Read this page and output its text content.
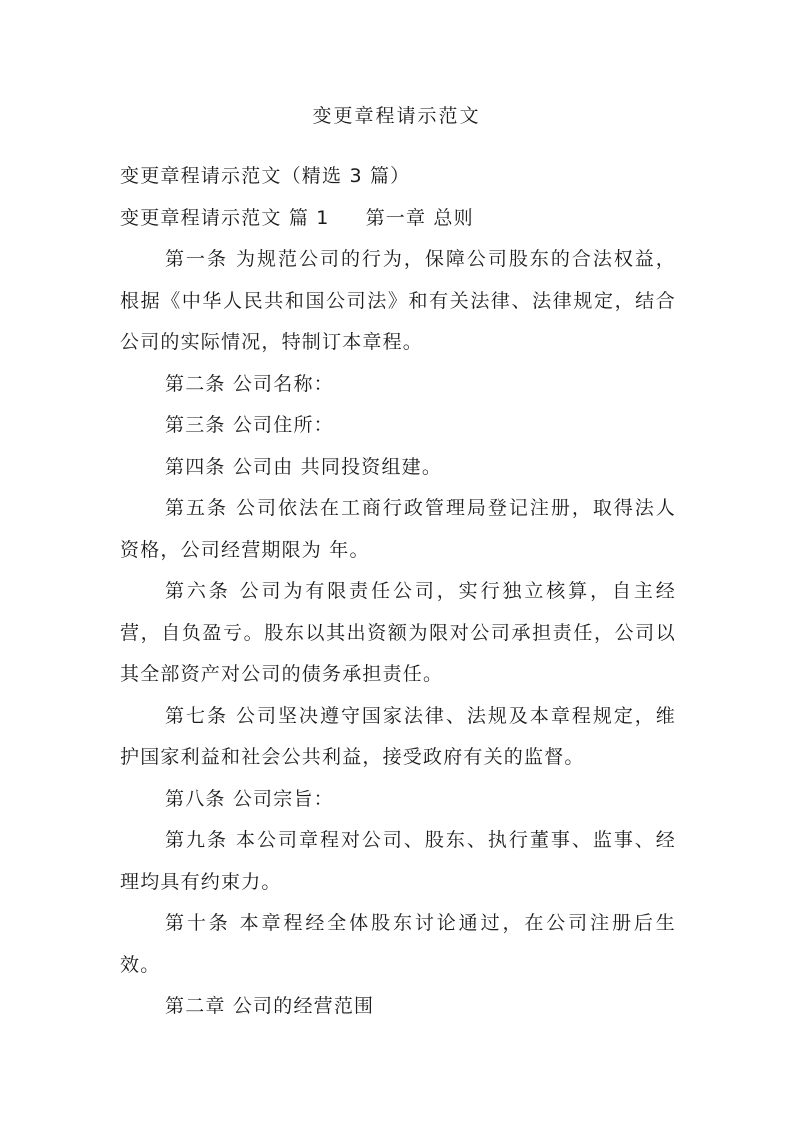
变更章程请示范文

变更章程请示范文（精选 3 篇）

变更章程请示范文 篇 1 第一章 总则

第一条 为规范公司的行为，保障公司股东的合法权益，根据《中华人民共和国公司法》和有关法律、法律规定，结合公司的实际情况，特制订本章程。

第二条 公司名称：

第三条 公司住所：

第四条 公司由 共同投资组建。

第五条 公司依法在工商行政管理局登记注册，取得法人资格，公司经营期限为 年。

第六条 公司为有限责任公司，实行独立核算，自主经营，自负盈亏。股东以其出资额为限对公司承担责任，公司以其全部资产对公司的债务承担责任。

第七条 公司坚决遵守国家法律、法规及本章程规定，维护国家利益和社会公共利益，接受政府有关的监督。

第八条 公司宗旨：

第九条 本公司章程对公司、股东、执行董事、监事、经理均具有约束力。

第十条 本章程经全体股东讨论通过，在公司注册后生效。

第二章 公司的经营范围
